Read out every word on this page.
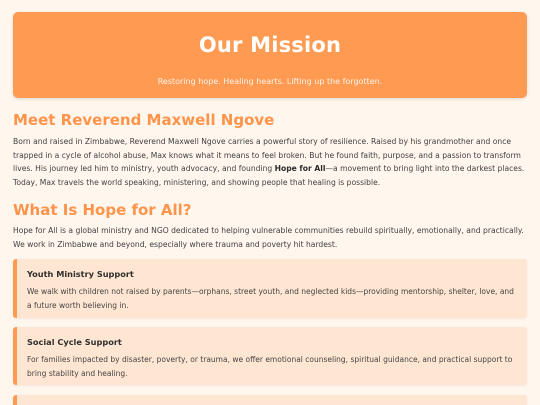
Our Mission
Restoring hope. Healing hearts. Lifting up the forgotten.
Meet Reverend Maxwell Ngove

Born and raised in Zimbabwe, Reverend Maxwell Ngove carries a powerful story of resilience. Raised by his grandmother and once trapped in a cycle of alcohol abuse, Max knows what it means to feel broken. But he found faith, purpose, and a passion to transform lives. His journey led him to ministry, youth advocacy, and founding Hope for All—a movement to bring light into the darkest places. Today, Max travels the world speaking, ministering, and showing people that healing is possible.

What Is Hope for All?

Hope for All is a global ministry and NGO dedicated to helping vulnerable communities rebuild spiritually, emotionally, and practically. We work in Zimbabwe and beyond, especially where trauma and poverty hit hardest.

Youth Ministry Support

We walk with children not raised by parents—orphans, street youth, and neglected kids—providing mentorship, shelter, love, and a future worth believing in.

Social Cycle Support

For families impacted by disaster, poverty, or trauma, we offer emotional counseling, spiritual guidance, and practical support to bring stability and healing.
